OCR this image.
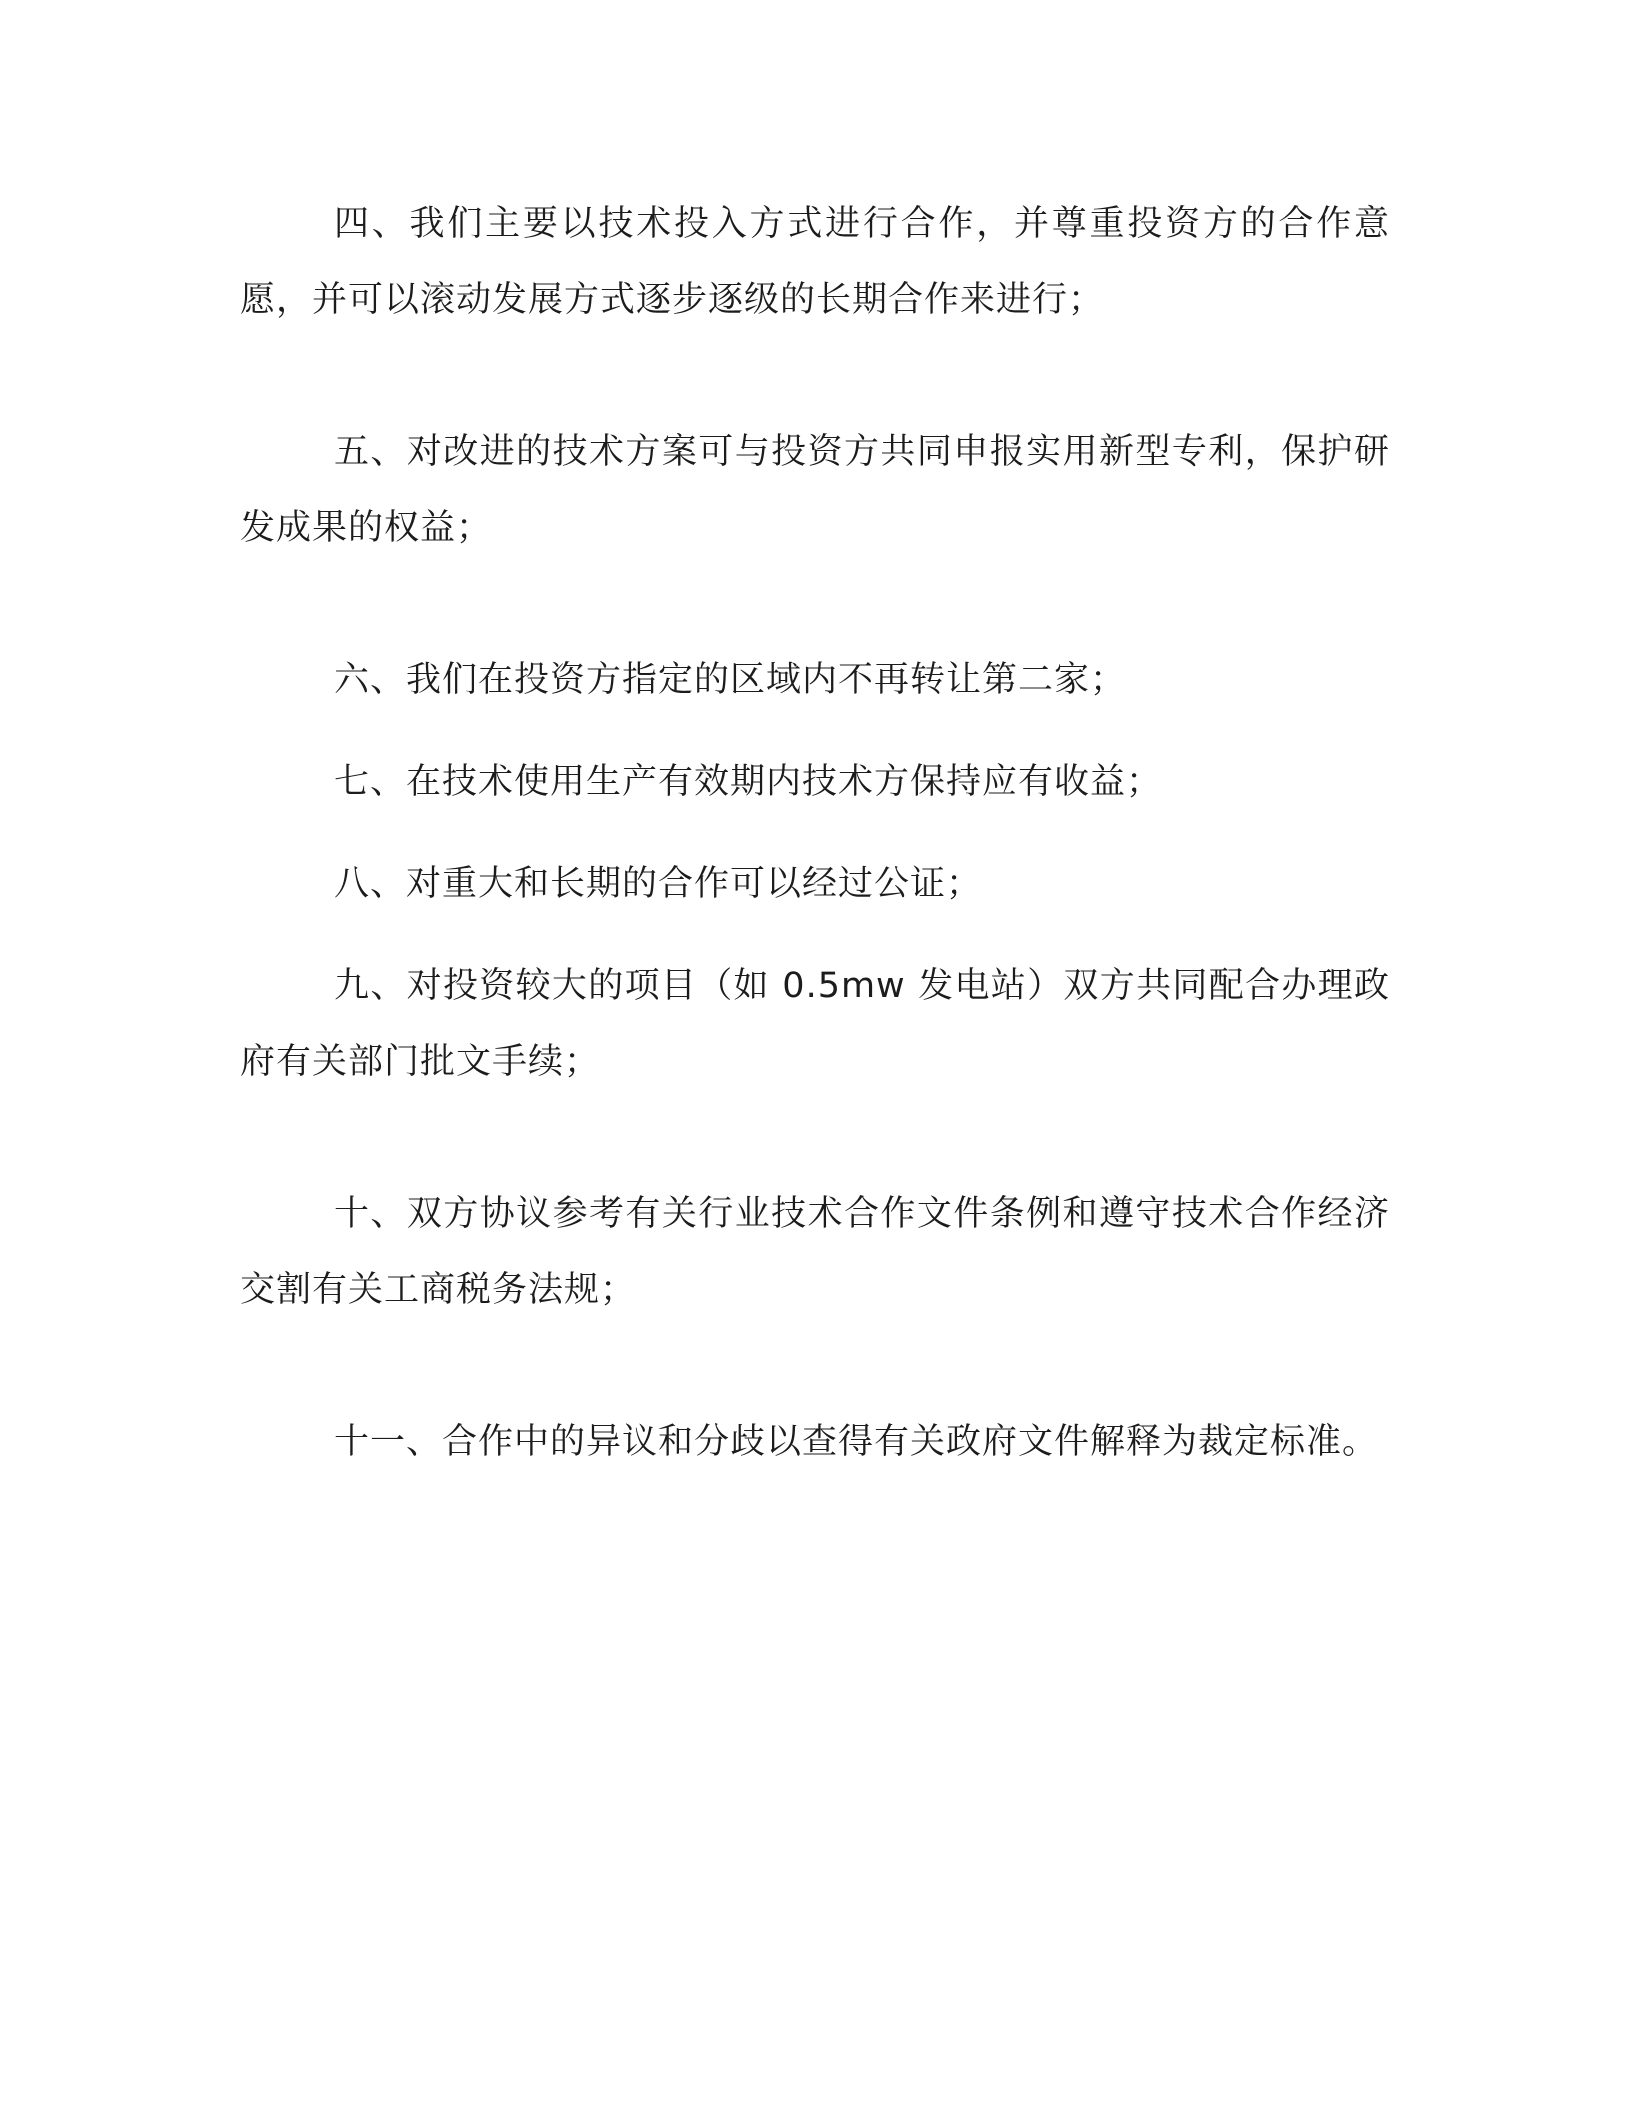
四、我们主要以技术投入方式进行合作，并尊重投资方的合作意愿，并可以滚动发展方式逐步逐级的长期合作来进行；

五、对改进的技术方案可与投资方共同申报实用新型专利，保护研发成果的权益；

六、我们在投资方指定的区域内不再转让第二家；

七、在技术使用生产有效期内技术方保持应有收益；

八、对重大和长期的合作可以经过公证；

九、对投资较大的项目（如 0.5mw 发电站）双方共同配合办理政府有关部门批文手续；

十、双方协议参考有关行业技术合作文件条例和遵守技术合作经济交割有关工商税务法规；

十一、合作中的异议和分歧以查得有关政府文件解释为裁定标准。
